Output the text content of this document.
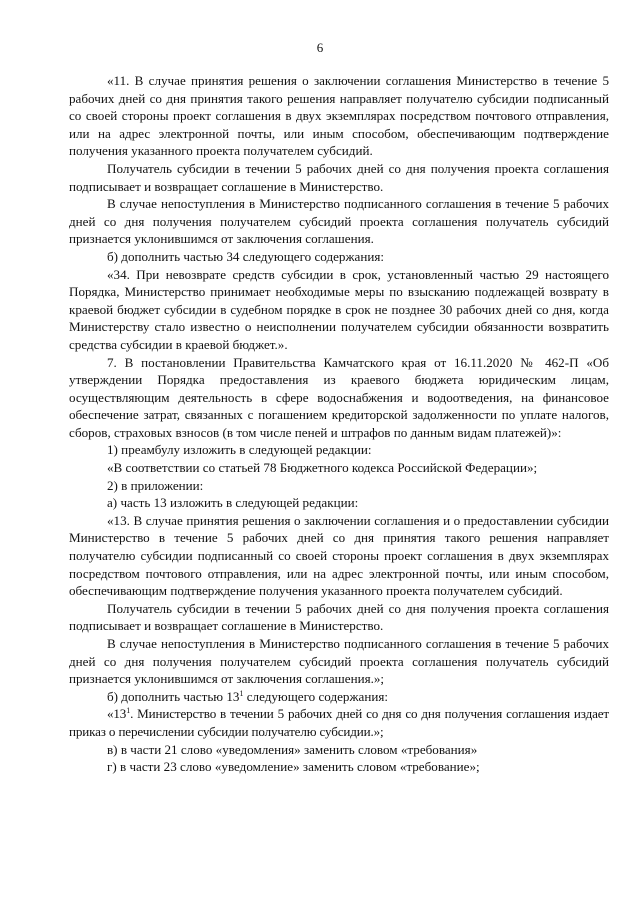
6

«11. В случае принятия решения о заключении соглашения Министерство в течение 5 рабочих дней со дня принятия такого решения направляет получателю субсидии подписанный со своей стороны проект соглашения в двух экземплярах посредством почтового отправления, или на адрес электронной почты, или иным способом, обеспечивающим подтверждение получения указанного проекта получателем субсидий.

Получатель субсидии в течении 5 рабочих дней со дня получения проекта соглашения подписывает и возвращает соглашение в Министерство.

В случае непоступления в Министерство подписанного соглашения в течение 5 рабочих дней со дня получения получателем субсидий проекта соглашения получатель субсидий признается уклонившимся от заключения соглашения.

б) дополнить частью 34 следующего содержания:

«34. При невозврате средств субсидии в срок, установленный частью 29 настоящего Порядка, Министерство принимает необходимые меры по взысканию подлежащей возврату в краевой бюджет субсидии в судебном порядке в срок не позднее 30 рабочих дней со дня, когда Министерству стало известно о неисполнении получателем субсидии обязанности возвратить средства субсидии в краевой бюджет.».

7. В постановлении Правительства Камчатского края от 16.11.2020 № 462-П «Об утверждении Порядка предоставления из краевого бюджета юридическим лицам, осуществляющим деятельность в сфере водоснабжения и водоотведения, на финансовое обеспечение затрат, связанных с погашением кредиторской задолженности по уплате налогов, сборов, страховых взносов (в том числе пеней и штрафов по данным видам платежей)»:

1) преамбулу изложить в следующей редакции:

«В соответствии со статьей 78 Бюджетного кодекса Российской Федерации»;

2) в приложении:

а) часть 13 изложить в следующей редакции:

«13. В случае принятия решения о заключении соглашения и о предоставлении субсидии Министерство в течение 5 рабочих дней со дня принятия такого решения направляет получателю субсидии подписанный со своей стороны проект соглашения в двух экземплярах посредством почтового отправления, или на адрес электронной почты, или иным способом, обеспечивающим подтверждение получения указанного проекта получателем субсидий.

Получатель субсидии в течении 5 рабочих дней со дня получения проекта соглашения подписывает и возвращает соглашение в Министерство.

В случае непоступления в Министерство подписанного соглашения в течение 5 рабочих дней со дня получения получателем субсидий проекта соглашения получатель субсидий признается уклонившимся от заключения соглашения.»;

б) дополнить частью $13^1$ следующего содержания:

«$13^1$. Министерство в течении 5 рабочих дней со дня со дня получения соглашения издает приказ о перечислении субсидии получателю субсидии.»;

в) в части 21 слово «уведомления» заменить словом «требования»

г) в части 23 слово «уведомление» заменить словом «требование»;
